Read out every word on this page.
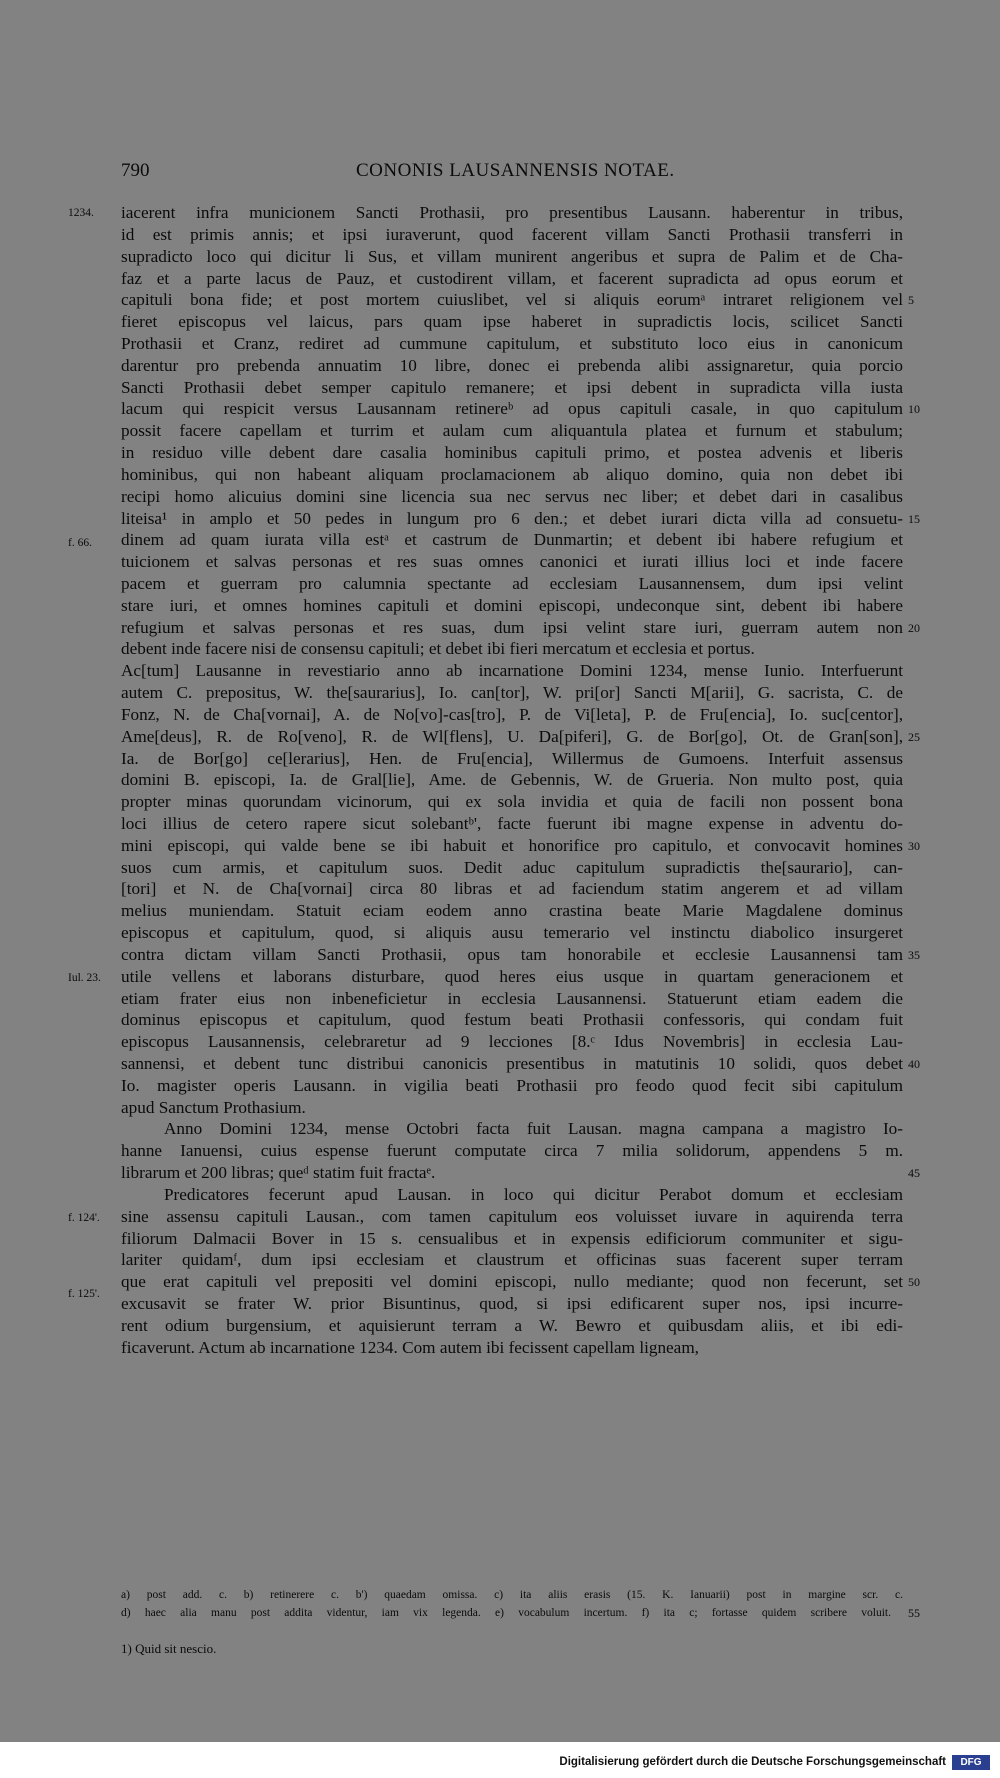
790	CONONIS LAUSANNENSIS NOTAE.
iacerent infra municionem Sancti Prothasii, pro presentibus Lausann. haberentur in tribus,
id est primis annis; et ipsi iuraverunt, quod facerent villam Sancti Prothasii transferri in
supradicto loco qui dicitur li Sus, et villam munirent angeribus et supra de Palim et de Cha-
faz et a parte lacus de Pauz, et custodirent villam, et facerent supradicta ad opus eorum et
capituli bona fide; et post mortem cuiuslibet, vel si aliquis eorumᵃ intraret religionem vel
fieret episcopus vel laicus, pars quam ipse haberet in supradictis locis, scilicet Sancti
Prothasii et Cranz, rediret ad cummune capitulum, et substituto loco eius in canonicum
darentur pro prebenda annuatim 10 libre, donec ei prebenda alibi assignaretur, quia porcio
Sancti Prothasii debet semper capitulo remanere; et ipsi debent in supradicta villa iusta
lacum qui respicit versus Lausannam retinereᵇ ad opus capituli casale, in quo capitulum
possit facere capellam et turrim et aulam cum aliquantula platea et furnum et stabulum;
in residuo ville debent dare casalia hominibus capituli primo, et postea advenis et liberis
hominibus, qui non habeant aliquam proclamacionem ab aliquo domino, quia non debet ibi
recipi homo alicuius domini sine licencia sua nec servus nec liber; et debet dari in casalibus
liteisa¹ in amplo et 50 pedes in lungum pro 6 den.; et debet iurari dicta villa ad consuetu-
dinem ad quam iurata villa estᵃ et castrum de Dunmartin; et debent ibi habere refugium et
tuicionem et salvas personas et res suas omnes canonici et iurati illius loci et inde facere
pacem et guerram pro calumnia spectante ad ecclesiam Lausannensem, dum ipsi velint
stare iuri, et omnes homines capituli et domini episcopi, undeconque sint, debent ibi habere
refugium et salvas personas et res suas, dum ipsi velint stare iuri, guerram autem non
debent inde facere nisi de consensu capituli; et debet ibi fieri mercatum et ecclesia et portus.
Ac[tum] Lausanne in revestiario anno ab incarnatione Domini 1234, mense Iunio. Interfuerunt
autem C. prepositus, W. the[saurarius], Io. can[tor], W. pri[or] Sancti M[arii], G. sacrista, C. de
Fonz, N. de Cha[vornai], A. de No[vo]-cas[tro], P. de Vi[leta], P. de Fru[encia], Io. suc[centor],
Ame[deus], R. de Ro[veno], R. de Wl[flens], U. Da[piferi], G. de Bor[go], Ot. de Gran[son],
Ia. de Bor[go] ce[lerarius], Hen. de Fru[encia], Willermus de Gumoens. Interfuit assensus
domini B. episcopi, Ia. de Gral[lie], Ame. de Gebennis, W. de Grueria. Non multo post, quia
propter minas quorundam vicinorum, qui ex sola invidia et quia de facili non possent bona
loci illius de cetero rapere sicut solebantᵇ', facte fuerunt ibi magne expense in adventu do-
mini episcopi, qui valde bene se ibi habuit et honorifice pro capitulo, et convocavit homines
suos cum armis, et capitulum suos. Dedit aduc capitulum supradictis the[saurario], can-
[tori] et N. de Cha[vornai] circa 80 libras et ad faciendum statim angerem et ad villam
melius muniendam. Statuit eciam eodem anno crastina beate Marie Magdalene dominus
episcopus et capitulum, quod, si aliquis ausu temerario vel instinctu diabolico insurgeret
contra dictam villam Sancti Prothasii, opus tam honorabile et ecclesie Lausannensi tam
utile vellens et laborans disturbare, quod heres eius usque in quartam generacionem et
etiam frater eius non inbeneficietur in ecclesia Lausannensi. Statuerunt etiam eadem die
dominus episcopus et capitulum, quod festum beati Prothasii confessoris, qui condam fuit
episcopus Lausannensis, celebraretur ad 9 lecciones [8.ᶜ Idus Novembris] in ecclesia Lau-
sannensi, et debent tunc distribui canonicis presentibus in matutinis 10 solidi, quos debet
Io. magister operis Lausann. in vigilia beati Prothasii pro feodo quod fecit sibi capitulum
apud Sanctum Prothasium.
Anno Domini 1234, mense Octobri facta fuit Lausan. magna campana a magistro Io-
hanne Ianuensi, cuius espense fuerunt computate circa 7 milia solidorum, appendens 5 m.
librarum et 200 libras; queᵈ statim fuit fractaᵉ.
Predicatores fecerunt apud Lausan. in loco qui dicitur Perabot domum et ecclesiam
sine assensu capituli Lausan., com tamen capitulum eos voluisset iuvare in aquirenda terra
filiorum Dalmacii Bover in 15 s. censualibus et in expensis edificiorum communiter et sigu-
lariter quidamᶠ, dum ipsi ecclesiam et claustrum et officinas suas facerent super terram
que erat capituli vel prepositi vel domini episcopi, nullo mediante; quod non fecerunt, set
excusavit se frater W. prior Bisuntinus, quod, si ipsi edificarent super nos, ipsi incurre-
rent odium burgensium, et aquisierunt terram a W. Bewro et quibusdam aliis, et ibi edi-
ficaverunt. Actum ab incarnatione 1234. Com autem ibi fecissent capellam ligneam,
1234.
f. 66.
Iul. 23.
f. 124'.
f. 125'.
5
10
15
20
25
30
35
40
45
50
a) post add. c. b) retinerere c. b') quaedam omissa. c) ita aliis erasis (15. K. Ianuarii) post in margine scr. c.
d) haec alia manu post addita videntur, iam vix legenda. e) vocabulum incertum. f) ita c; fortasse quidem scribere voluit. 55
1) Quid sit nescio.
Digitalisierung gefördert durch die Deutsche Forschungsgemeinschaft	DFG
